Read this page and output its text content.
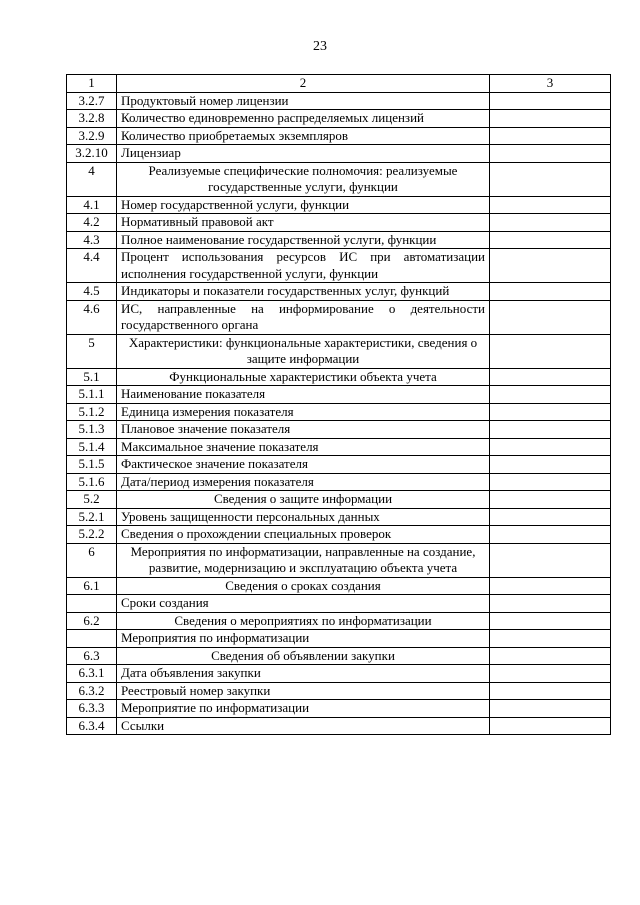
23
1	2	3
3.2.7	Продуктовый номер лицензии	
3.2.8	Количество единовременно распределяемых лицензий	
3.2.9	Количество приобретаемых экземпляров	
3.2.10	Лицензиар	
4	Реализуемые специфические полномочия: реализуемые государственные услуги, функции	
4.1	Номер государственной услуги, функции	
4.2	Нормативный правовой акт	
4.3	Полное наименование государственной услуги, функции	
4.4	Процент использования ресурсов ИС при автоматизации исполнения государственной услуги, функции	
4.5	Индикаторы и показатели государственных услуг, функций	
4.6	ИС, направленные на информирование о деятельности государственного органа	
5	Характеристики: функциональные характеристики, сведения о защите информации	
5.1	Функциональные характеристики объекта учета	
5.1.1	Наименование показателя	
5.1.2	Единица измерения показателя	
5.1.3	Плановое значение показателя	
5.1.4	Максимальное значение показателя	
5.1.5	Фактическое значение показателя	
5.1.6	Дата/период измерения показателя	
5.2	Сведения о защите информации	
5.2.1	Уровень защищенности персональных данных	
5.2.2	Сведения о прохождении специальных проверок	
6	Мероприятия по информатизации, направленные на создание, развитие, модернизацию и эксплуатацию объекта учета	
6.1	Сведения о сроках создания	
	Сроки создания	
6.2	Сведения о мероприятиях по информатизации	
	Мероприятия по информатизации	
6.3	Сведения об объявлении закупки	
6.3.1	Дата объявления закупки	
6.3.2	Реестровый номер закупки	
6.3.3	Мероприятие по информатизации	
6.3.4	Ссылки	
